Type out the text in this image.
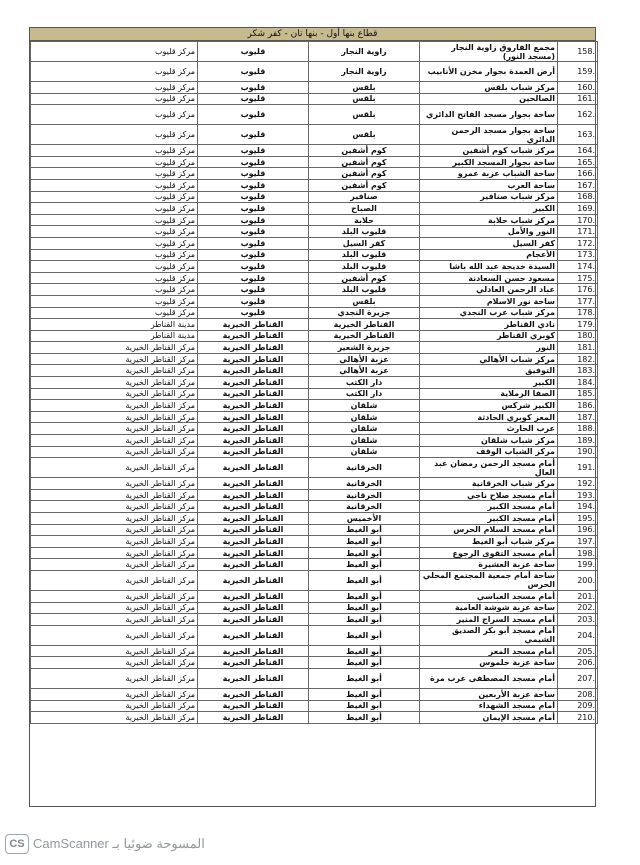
قطاع بنها أول - بنها تان - كفر شكر
158.	مجمع الفاروق زاوية النجار (مسجد النور)	زاوية النجار	قليوب	مركز قليوب
159.	أرض العمدة بجوار مخزن الأنابيب	زاوية النجار	قليوب	مركز قليوب
160.	مركز شباب بلقس	بلقس	قليوب	مركز قليوب
161.	الصالحين	بلقس	قليوب	مركز قليوب
162.	ساحة بجوار مسجد الفاتح الدائري	بلقس	قليوب	مركز قليوب
163.	ساحة بجوار مسجد الرحمن الدائري	بلقس	قليوب	مركز قليوب
164.	مركز شباب كوم أشفين	كوم أشفين	قليوب	مركز قليوب
165.	ساحة بجوار المسجد الكبير	كوم أشفين	قليوب	مركز قليوب
166.	ساحة الشباب عزبة عمرو	كوم أشفين	قليوب	مركز قليوب
167.	ساحة العرب	كوم أشفين	قليوب	مركز قليوب
168.	مركز شباب صنافير	صنافير	قليوب	مركز قليوب
169.	الكبير	الصباح	قليوب	مركز قليوب
170.	مركز شباب حلابة	حلابة	قليوب	مركز قليوب
171.	النور والأمل	قليوب البلد	قليوب	مركز قليوب
172.	كفر السيل	كفر السيل	قليوب	مركز قليوب
173.	الأعجام	قليوب البلد	قليوب	مركز قليوب
174.	السيدة خديجة عبد الله باشا	قليوب البلد	قليوب	مركز قليوب
175.	مسعود حسن السعادنة	كوم أشفين	قليوب	مركز قليوب
176.	عباد الرحمن العادلي	قليوب البلد	قليوب	مركز قليوب
177.	ساحة نور الاسلام	بلقس	قليوب	مركز قليوب
178.	مركز شباب عرب النجدي	جزيرة النجدي	قليوب	مركز قليوب
179.	نادي القناطر	القناطر الخيرية	القناطر الخيرية	مدينة القناطر
180.	كوبري القناطر	القناطر الخيرية	القناطر الخيرية	مدينة القناطر
181.	النور	جزيرة الشعير	القناطر الخيرية	مركز القناطر الخيرية
182.	مركز شباب الأهالي	عزبة الأهالي	القناطر الخيرية	مركز القناطر الخيرية
183.	التوفيق	عزبة الأهالي	القناطر الخيرية	مركز القناطر الخيرية
184.	الكبير	دار الكتب	القناطر الخيرية	مركز القناطر الخيرية
185.	الصفا الرملاية	دار الكتب	القناطر الخيرية	مركز القناطر الخيرية
186.	الكبير شركس	شلقان	القناطر الخيرية	مركز القناطر الخيرية
187.	المعز كوبري الحادثة	شلقان	القناطر الخيرية	مركز القناطر الخيرية
188.	عرب الحارث	شلقان	القناطر الخيرية	مركز القناطر الخيرية
189.	مركز شباب شلقان	شلقان	القناطر الخيرية	مركز القناطر الخيرية
190.	مركز الشباب الوقف	شلقان	القناطر الخيرية	مركز القناطر الخيرية
191.	أمام مسجد الرحمن رمضان عبد العال	الخرقانية	القناطر الخيرية	مركز القناطر الخيرية
192.	مركز شباب الخرقانية	الخرقانية	القناطر الخيرية	مركز القناطر الخيرية
193.	أمام مسجد صلاح ناجي	الخرقانية	القناطر الخيرية	مركز القناطر الخيرية
194.	أمام مسجد الكبير	الخرقانية	القناطر الخيرية	مركز القناطر الخيرية
195.	أمام مسجد الكبير	الأخميس	القناطر الخيرية	مركز القناطر الخيرية
196.	أمام مسجد السلام الحرس	أبو الغيط	القناطر الخيرية	مركز القناطر الخيرية
197.	مركز شباب أبو الغيط	أبو الغيط	القناطر الخيرية	مركز القناطر الخيرية
198.	أمام مسجد التقوى الرجوع	أبو الغيط	القناطر الخيرية	مركز القناطر الخيرية
199.	ساحة عزبة العشيرة	أبو الغيط	القناطر الخيرية	مركز القناطر الخيرية
200.	ساحة أمام جمعية المجتمع المحلي الحرس	أبو الغيط	القناطر الخيرية	مركز القناطر الخيرية
201.	أمام مسجد العباسي	أبو الغيط	القناطر الخيرية	مركز القناطر الخيرية
202.	ساحة عزبة شوشة العامية	أبو الغيط	القناطر الخيرية	مركز القناطر الخيرية
203.	أمام مسجد السراج المنير	أبو الغيط	القناطر الخيرية	مركز القناطر الخيرية
204.	أمام مسجد أبو بكر الصديق الشيمي	أبو الغيط	القناطر الخيرية	مركز القناطر الخيرية
205.	أمام مسجد المعز	أبو الغيط	القناطر الخيرية	مركز القناطر الخيرية
206.	ساحة عزبة حلموس	أبو الغيط	القناطر الخيرية	مركز القناطر الخيرية
207.	أمام مسجد المصطفى عرب مرة	أبو الغيط	القناطر الخيرية	مركز القناطر الخيرية
208.	ساحة عزبة الأربعين	أبو الغيط	القناطر الخيرية	مركز القناطر الخيرية
209.	أمام مسجد الشهداء	أبو الغيط	القناطر الخيرية	مركز القناطر الخيرية
210.	أمام مسجد الإيمان	أبو الغيط	القناطر الخيرية	مركز القناطر الخيرية
CS المسوحة ضوئيا بـ CamScanner
